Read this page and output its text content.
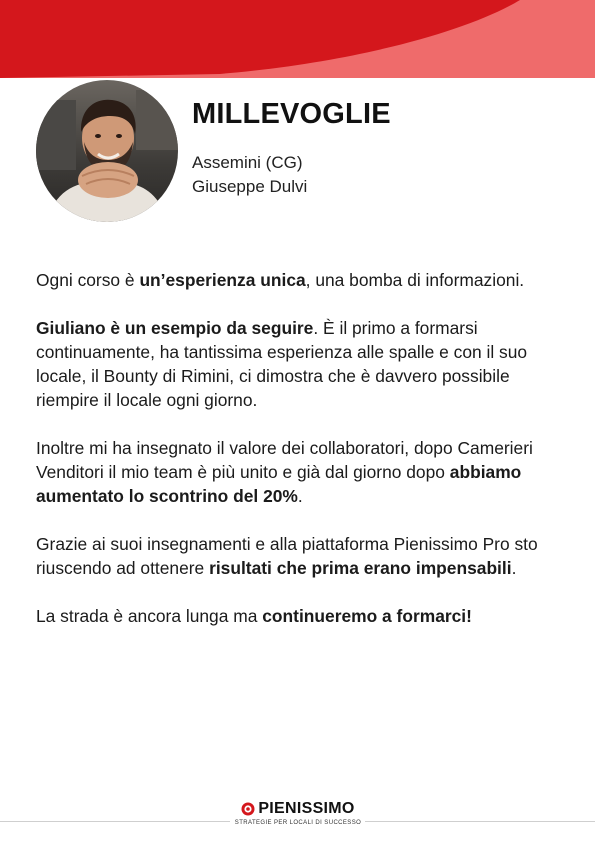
MILLEVOGLIE
Assemini (CG)
Giuseppe Dulvi

Ogni corso è un’esperienza unica, una bomba di informazioni.

Giuliano è un esempio da seguire. È il primo a formarsi continuamente, ha tantissima esperienza alle spalle e con il suo locale, il Bounty di Rimini, ci dimostra che è davvero possibile riempire il locale ogni giorno.

Inoltre mi ha insegnato il valore dei collaboratori, dopo Camerieri Venditori il mio team è più unito e già dal giorno dopo abbiamo aumentato lo scontrino del 20%.

Grazie ai suoi insegnamenti e alla piattaforma Pienissimo Pro sto riuscendo ad ottenere risultati che prima erano impensabili.

La strada è ancora lunga ma continueremo a formarci!

PIENISSIMO
STRATEGIE PER LOCALI DI SUCCESSO
